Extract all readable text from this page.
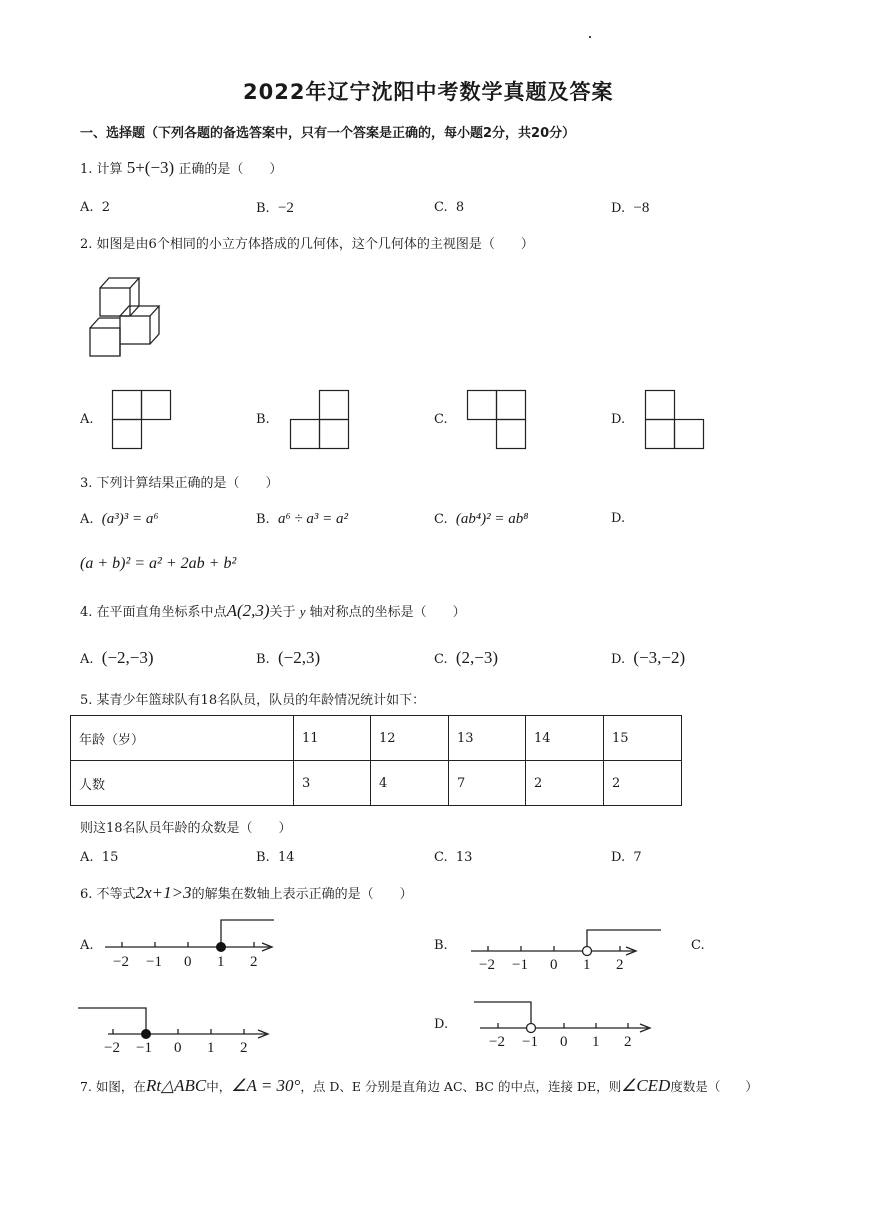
2022年辽宁沈阳中考数学真题及答案
一、选择题（下列各题的备选答案中，只有一个答案是正确的，每小题2分，共20分）
1. 计算 5+(−3) 正确的是（　　）
A. 2	B. −2	C. 8	D. −8
2. 如图是由6个相同的小立方体搭成的几何体，这个几何体的主视图是（　　）
A.	B.	C.	D.
3. 下列计算结果正确的是（　　）
A. (a³)³ = a⁶	B. a⁶ ÷ a³ = a²	C. (ab⁴)² = ab⁸	D.
(a + b)² = a² + 2ab + b²
4. 在平面直角坐标系中点A(2,3)关于 y 轴对称点的坐标是（　　）
A. (−2,−3)	B. (−2,3)	C. (2,−3)	D. (−3,−2)
5. 某青少年篮球队有18名队员，队员的年龄情况统计如下：
年龄（岁）	11	12	13	14	15
人数	3	4	7	2	2
则这18名队员年龄的众数是（　　）
A. 15	B. 14	C. 13	D. 7
6. 不等式2x+1>3的解集在数轴上表示正确的是（　　）
A.
−2 −1 0 1 2
B.
−2 −1 0 1 2
C.
−2 −1 0 1 2
D.
−2 −1 0 1 2
7. 如图，在Rt△ABC中，∠A = 30°，点 D、E 分别是直角边 AC、BC 的中点，连接 DE，则∠CED度数是（　　）
